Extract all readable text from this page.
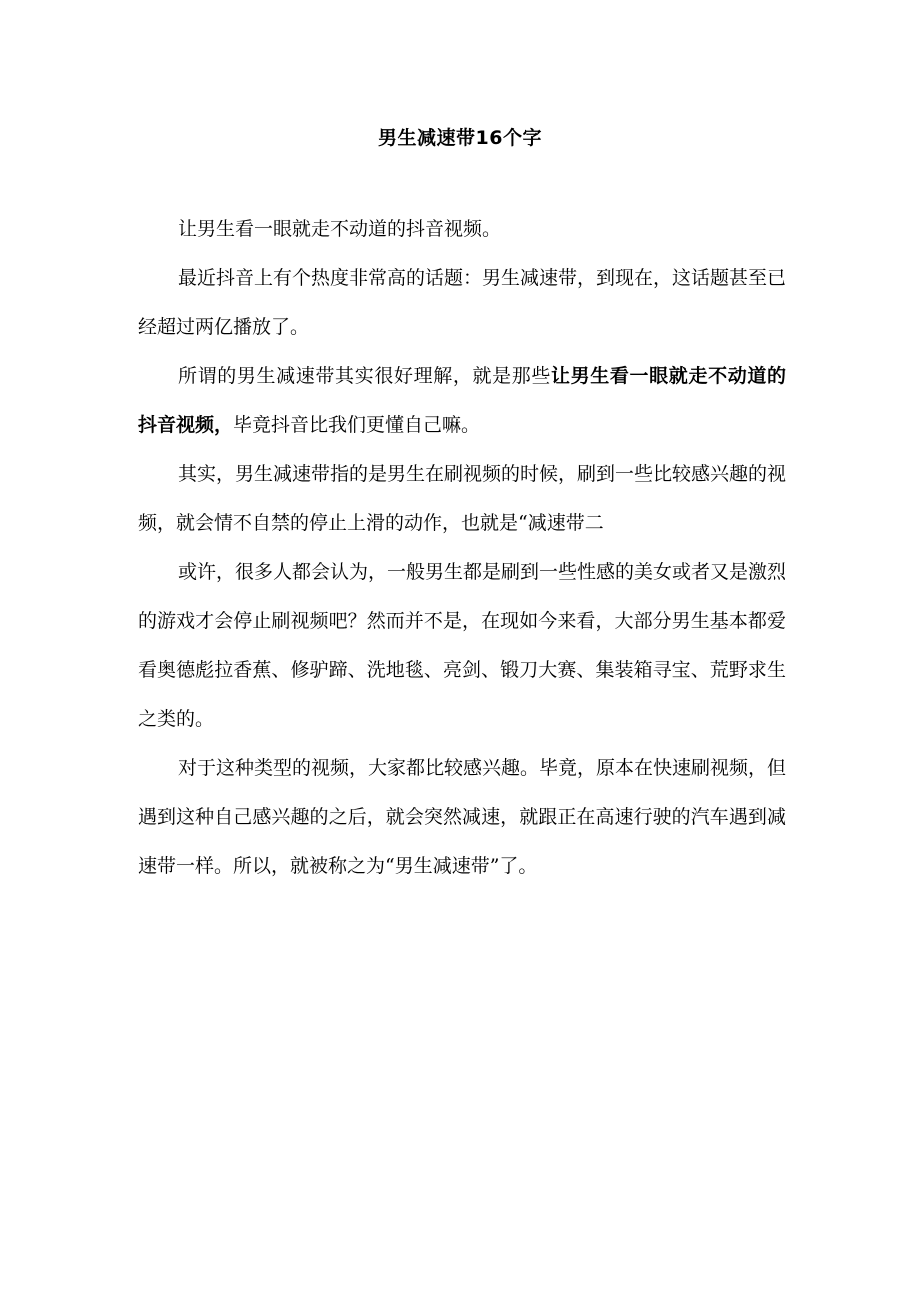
男生减速带16个字

让男生看一眼就走不动道的抖音视频。

最近抖音上有个热度非常高的话题：男生减速带，到现在，这话题甚至已经超过两亿播放了。

所谓的男生减速带其实很好理解，就是那些让男生看一眼就走不动道的抖音视频，毕竟抖音比我们更懂自己嘛。

其实，男生减速带指的是男生在刷视频的时候，刷到一些比较感兴趣的视频，就会情不自禁的停止上滑的动作，也就是“减速带二

或许，很多人都会认为，一般男生都是刷到一些性感的美女或者又是激烈的游戏才会停止刷视频吧？然而并不是，在现如今来看，大部分男生基本都爱看奥德彪拉香蕉、修驴蹄、洗地毯、亮剑、锻刀大赛、集装箱寻宝、荒野求生之类的。

对于这种类型的视频，大家都比较感兴趣。毕竟，原本在快速刷视频，但遇到这种自己感兴趣的之后，就会突然减速，就跟正在高速行驶的汽车遇到减速带一样。所以，就被称之为“男生减速带”了。
